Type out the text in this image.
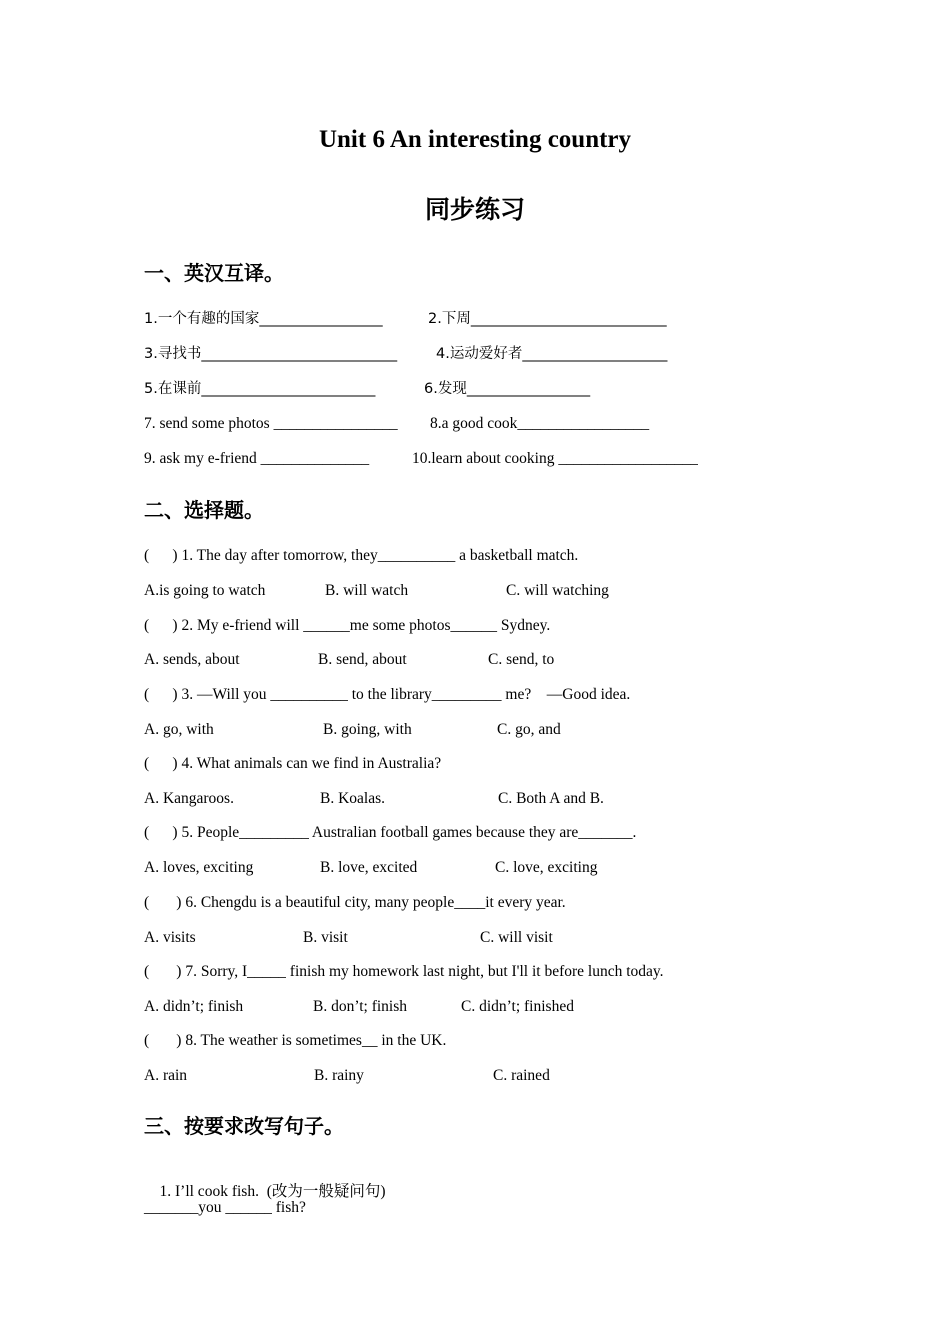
Unit 6 An interesting country
同步练习
一、英汉互译。

1.一个有趣的国家_________________

	2.下周___________________________

3.寻找书___________________________

	4.运动爱好者____________________

5.在课前________________________

	6.发现_________________

7. send some photos ________________

8.a good cook_________________

9. ask my e-friend ______________

	10.learn about cooking __________________

二、选择题。
(      ) 1. The day after tomorrow, they__________ a basketball match.

A.is going to watch

	B. will watch

	C. will watching

(      ) 2. My e-friend will ______me some photos______ Sydney.

A. sends, about

	B. send, about

	C. send, to

(      ) 3. —Will you __________ to the library_________ me?    —Good idea.

A. go, with

	B. going, with

	C. go, and

(      ) 4. What animals can we find in Australia?

A. Kangaroos.

	B. Koalas.

	C. Both A and B.

(      ) 5. People_________ Australian football games because they are_______.

A. loves, exciting

	B. love, excited

	C. love, exciting

(       ) 6. Chengdu is a beautiful city, many people____it every year.

A. visits

	B. visit

	C. will visit

(       ) 7. Sorry, I_____ finish my homework last night, but I'll it before lunch today.

A. didn’t; finish

	B. don’t; finish

	C. didn’t; finished

(       ) 8. The weather is sometimes__ in the UK.

A. rain

	B. rainy

	C. rained

三、按要求改写句子。

1. I’ll cook fish.  (改为一般疑问句)

_______you ______ fish?
